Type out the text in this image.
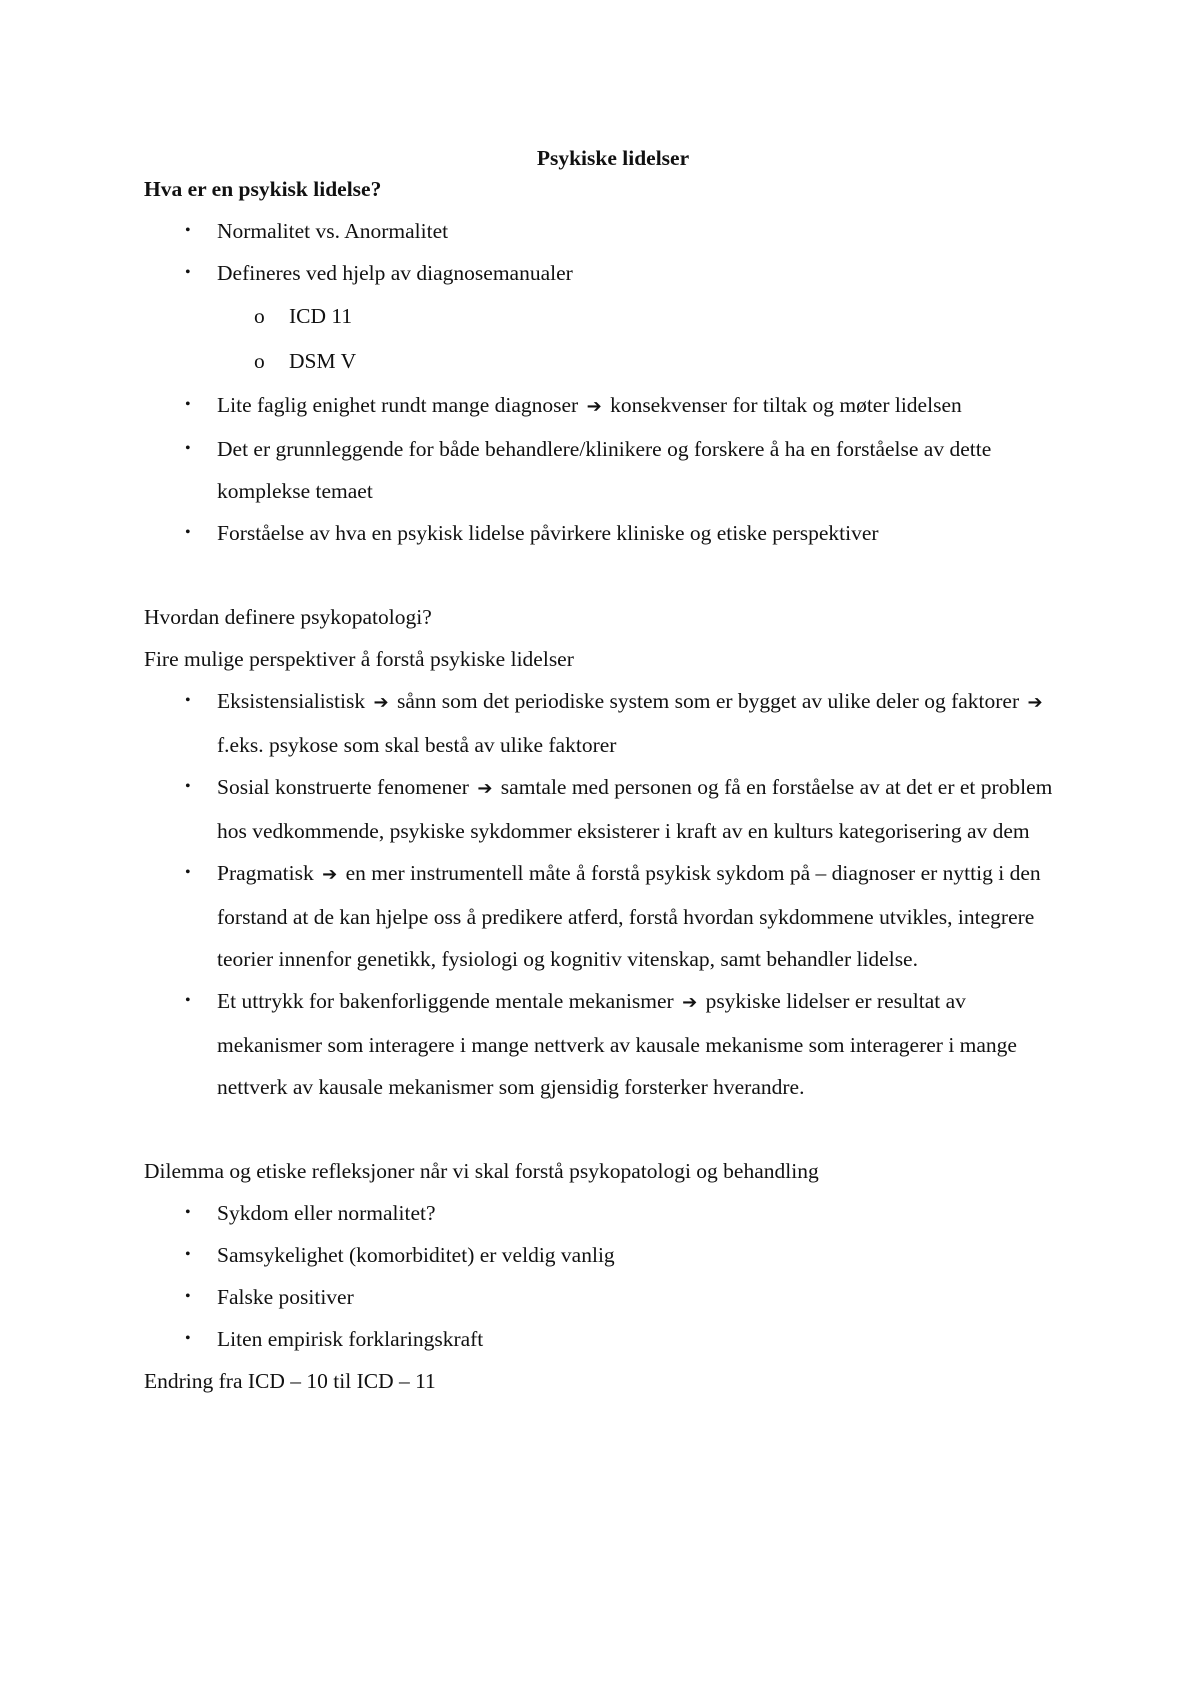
Psykiske lidelser

Hva er en psykisk lidelse?

• Normalitet vs. Anormalitet
• Defineres ved hjelp av diagnosemanualer
o ICD 11
o DSM V
• Lite faglig enighet rundt mange diagnoser ➔ konsekvenser for tiltak og møter lidelsen
• Det er grunnleggende for både behandlere/klinikere og forskere å ha en forståelse av dette komplekse temaet
• Forståelse av hva en psykisk lidelse påvirkere kliniske og etiske perspektiver

Hvordan definere psykopatologi?

Fire mulige perspektiver å forstå psykiske lidelser

• Eksistensialistisk ➔ sånn som det periodiske system som er bygget av ulike deler og faktorer ➔ f.eks. psykose som skal bestå av ulike faktorer
• Sosial konstruerte fenomener ➔ samtale med personen og få en forståelse av at det er et problem hos vedkommende, psykiske sykdommer eksisterer i kraft av en kulturs kategorisering av dem
• Pragmatisk ➔ en mer instrumentell måte å forstå psykisk sykdom på – diagnoser er nyttig i den forstand at de kan hjelpe oss å predikere atferd, forstå hvordan sykdommene utvikles, integrere teorier innenfor genetikk, fysiologi og kognitiv vitenskap, samt behandler lidelse.
• Et uttrykk for bakenforliggende mentale mekanismer ➔ psykiske lidelser er resultat av mekanismer som interagere i mange nettverk av kausale mekanisme som interagerer i mange nettverk av kausale mekanismer som gjensidig forsterker hverandre.

Dilemma og etiske refleksjoner når vi skal forstå psykopatologi og behandling

• Sykdom eller normalitet?
• Samsykelighet (komorbiditet) er veldig vanlig
• Falske positiver
• Liten empirisk forklaringskraft

Endring fra ICD – 10 til ICD – 11
